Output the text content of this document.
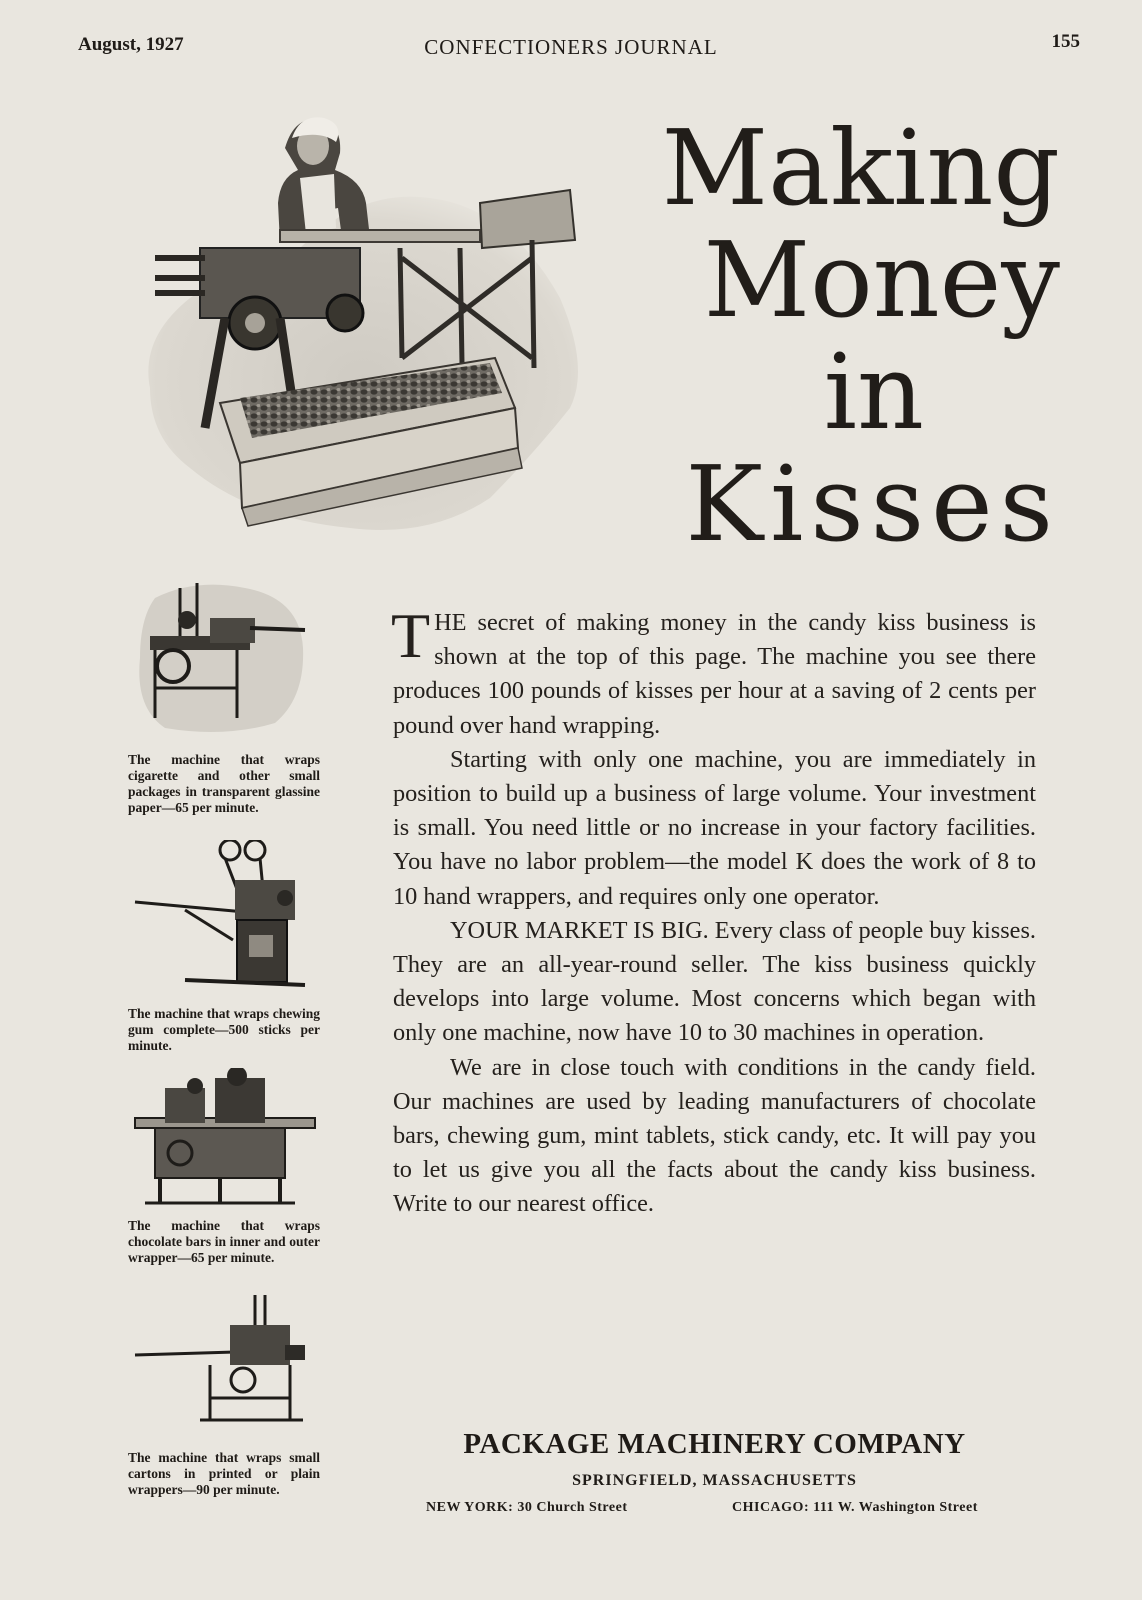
August, 1927	CONFECTIONERS JOURNAL	155
Making
Money
in
Kisses
The machine that wraps cigarette and other small packages in transparent glassine paper—65 per minute.
The machine that wraps chewing gum complete—500 sticks per minute.
The machine that wraps chocolate bars in inner and outer wrapper—65 per minute.
The machine that wraps small cartons in printed or plain wrappers—90 per minute.

THE secret of making money in the candy kiss business is shown at the top of this page. The machine you see there produces 100 pounds of kisses per hour at a saving of 2 cents per pound over hand wrapping.

Starting with only one machine, you are immediately in position to build up a business of large volume. Your investment is small. You need little or no increase in your factory facilities. You have no labor problem—the model K does the work of 8 to 10 hand wrappers, and requires only one operator.

YOUR MARKET IS BIG. Every class of people buy kisses. They are an all-year-round seller. The kiss business quickly develops into large volume. Most concerns which began with only one machine, now have 10 to 30 machines in operation.

We are in close touch with conditions in the candy field. Our machines are used by leading manufacturers of chocolate bars, chewing gum, mint tablets, stick candy, etc. It will pay you to let us give you all the facts about the candy kiss business. Write to our nearest office.

PACKAGE MACHINERY COMPANY
SPRINGFIELD, MASSACHUSETTS
NEW YORK: 30 Church Street	CHICAGO: 111 W. Washington Street
